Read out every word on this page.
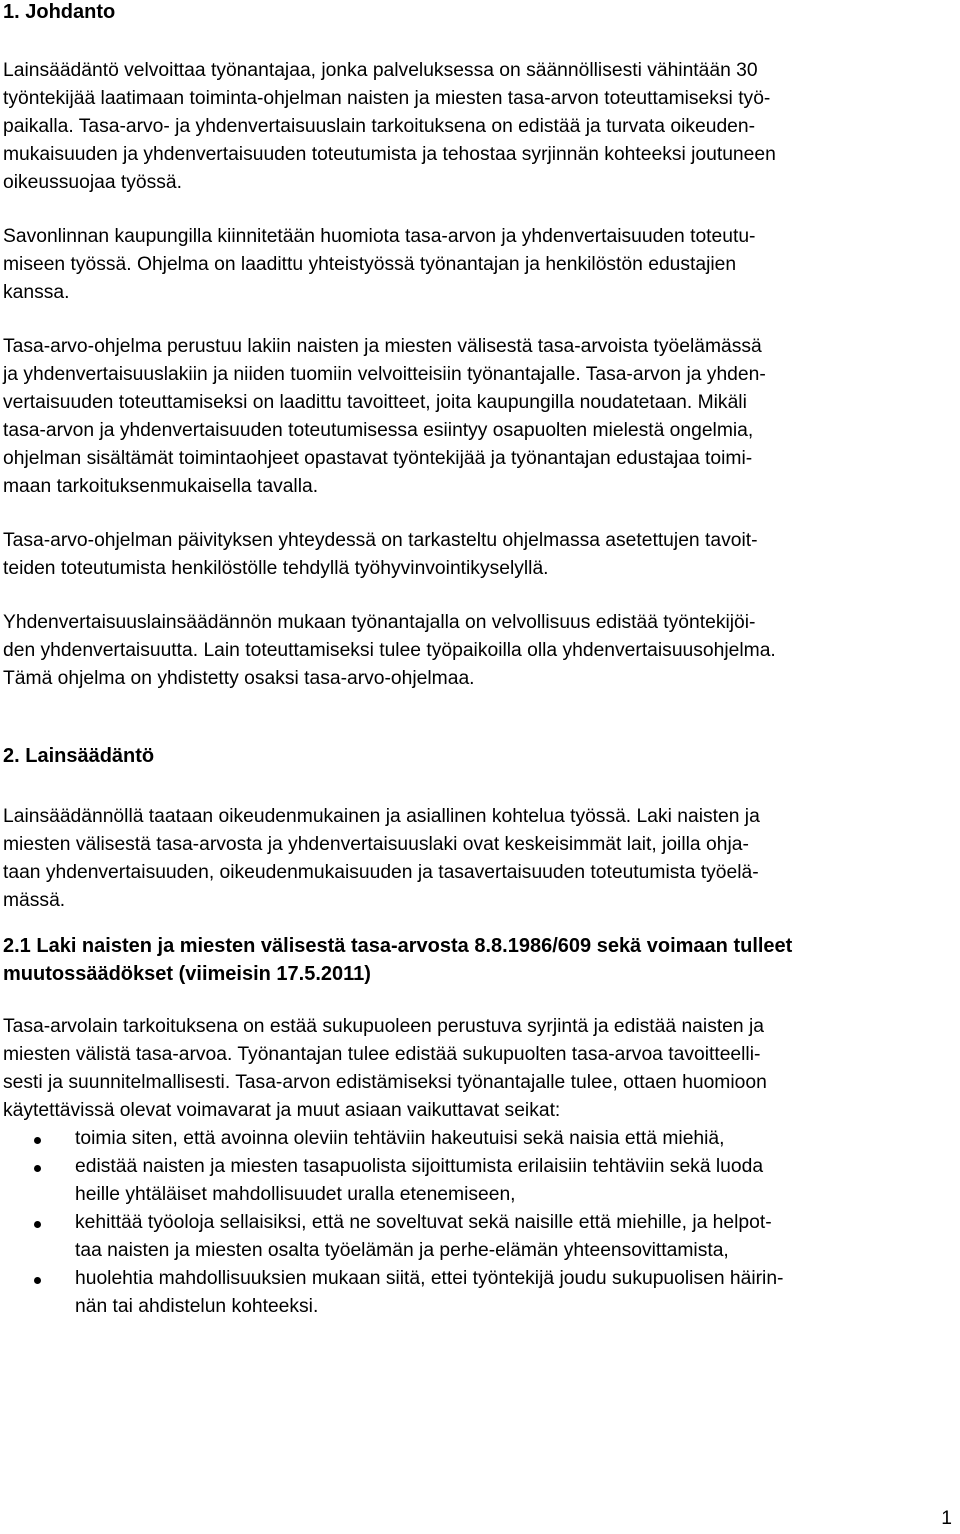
1. Johdanto

Lainsäädäntö velvoittaa työnantajaa, jonka palveluksessa on säännöllisesti vähintään 30

työntekijää laatimaan toiminta-ohjelman naisten ja miesten tasa-arvon toteuttamiseksi työ-

paikalla. Tasa-arvo- ja yhdenvertaisuuslain tarkoituksena on edistää ja turvata oikeuden-

mukaisuuden ja yhdenvertaisuuden toteutumista ja tehostaa syrjinnän kohteeksi joutuneen

oikeussuojaa työssä.

Savonlinnan kaupungilla kiinnitetään huomiota tasa-arvon ja yhdenvertaisuuden toteutu-

miseen työssä. Ohjelma on laadittu yhteistyössä työnantajan ja henkilöstön edustajien

kanssa.

Tasa-arvo-ohjelma perustuu lakiin naisten ja miesten välisestä tasa-arvoista työelämässä

ja yhdenvertaisuuslakiin ja niiden tuomiin velvoitteisiin työnantajalle. Tasa-arvon ja yhden-

vertaisuuden toteuttamiseksi on laadittu tavoitteet, joita kaupungilla noudatetaan. Mikäli

tasa-arvon ja yhdenvertaisuuden toteutumisessa esiintyy osapuolten mielestä ongelmia,

ohjelman sisältämät toimintaohjeet opastavat työntekijää ja työnantajan edustajaa toimi-

maan tarkoituksenmukaisella tavalla.

Tasa-arvo-ohjelman päivityksen yhteydessä on tarkasteltu ohjelmassa asetettujen tavoit-

teiden toteutumista henkilöstölle tehdyllä työhyvinvointikyselyllä.

Yhdenvertaisuuslainsäädännön mukaan työnantajalla on velvollisuus edistää työntekijöi-

den yhdenvertaisuutta. Lain toteuttamiseksi tulee työpaikoilla olla yhdenvertaisuusohjelma.

Tämä ohjelma on yhdistetty osaksi tasa-arvo-ohjelmaa.

2. Lainsäädäntö

Lainsäädännöllä taataan oikeudenmukainen ja asiallinen kohtelua työssä. Laki naisten ja

miesten välisestä tasa-arvosta ja yhdenvertaisuuslaki ovat keskeisimmät lait, joilla ohja-

taan yhdenvertaisuuden, oikeudenmukaisuuden ja tasavertaisuuden toteutumista työelä-

mässä.

2.1 Laki naisten ja miesten välisestä tasa-arvosta 8.8.1986/609 sekä voimaan tulleet
muutossäädökset (viimeisin 17.5.2011)

Tasa-arvolain tarkoituksena on estää sukupuoleen perustuva syrjintä ja edistää naisten ja

miesten välistä tasa-arvoa. Työnantajan tulee edistää sukupuolten tasa-arvoa tavoitteelli-

sesti ja suunnitelmallisesti. Tasa-arvon edistämiseksi työnantajalle tulee, ottaen huomioon

käytettävissä olevat voimavarat ja muut asiaan vaikuttavat seikat:

toimia siten, että avoinna oleviin tehtäviin hakeutuisi sekä naisia että miehiä,

edistää naisten ja miesten tasapuolista sijoittumista erilaisiin tehtäviin sekä luoda

heille yhtäläiset mahdollisuudet uralla etenemiseen,

kehittää työoloja sellaisiksi, että ne soveltuvat sekä naisille että miehille, ja helpot-

taa naisten ja miesten osalta työelämän ja perhe-elämän yhteensovittamista,

huolehtia mahdollisuuksien mukaan siitä, ettei työntekijä joudu sukupuolisen häirin-

nän tai ahdistelun kohteeksi.

1
